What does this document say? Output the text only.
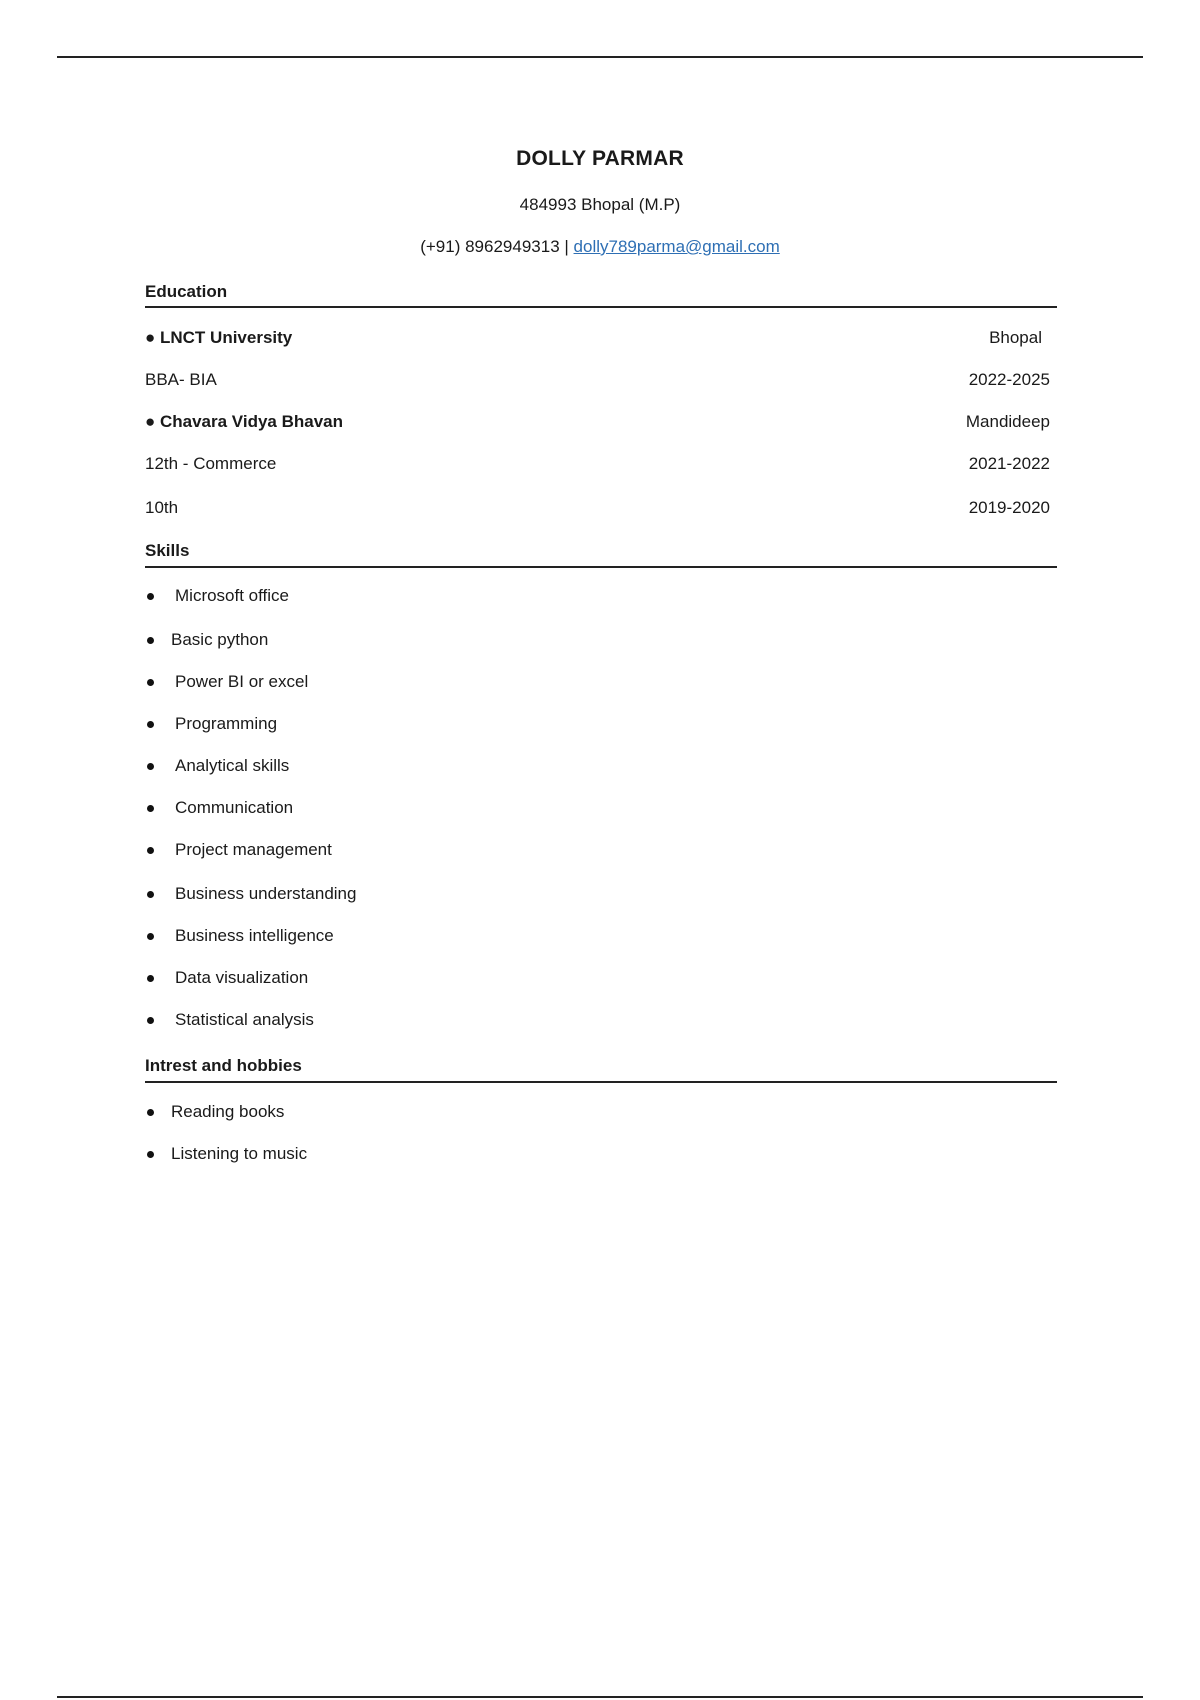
DOLLY PARMAR
484993 Bhopal (M.P)
(+91) 8962949313 | dolly789parma@gmail.com
Education
● LNCT University	Bhopal
BBA- BIA	2022-2025
● Chavara Vidya Bhavan	Mandideep
12th - Commerce	2021-2022
10th	2019-2020
Skills
Microsoft office
Basic python
Power BI or excel
Programming
Analytical skills
Communication
Project management
Business understanding
Business intelligence
Data visualization
Statistical analysis
Intrest and hobbies
Reading books
Listening to music
